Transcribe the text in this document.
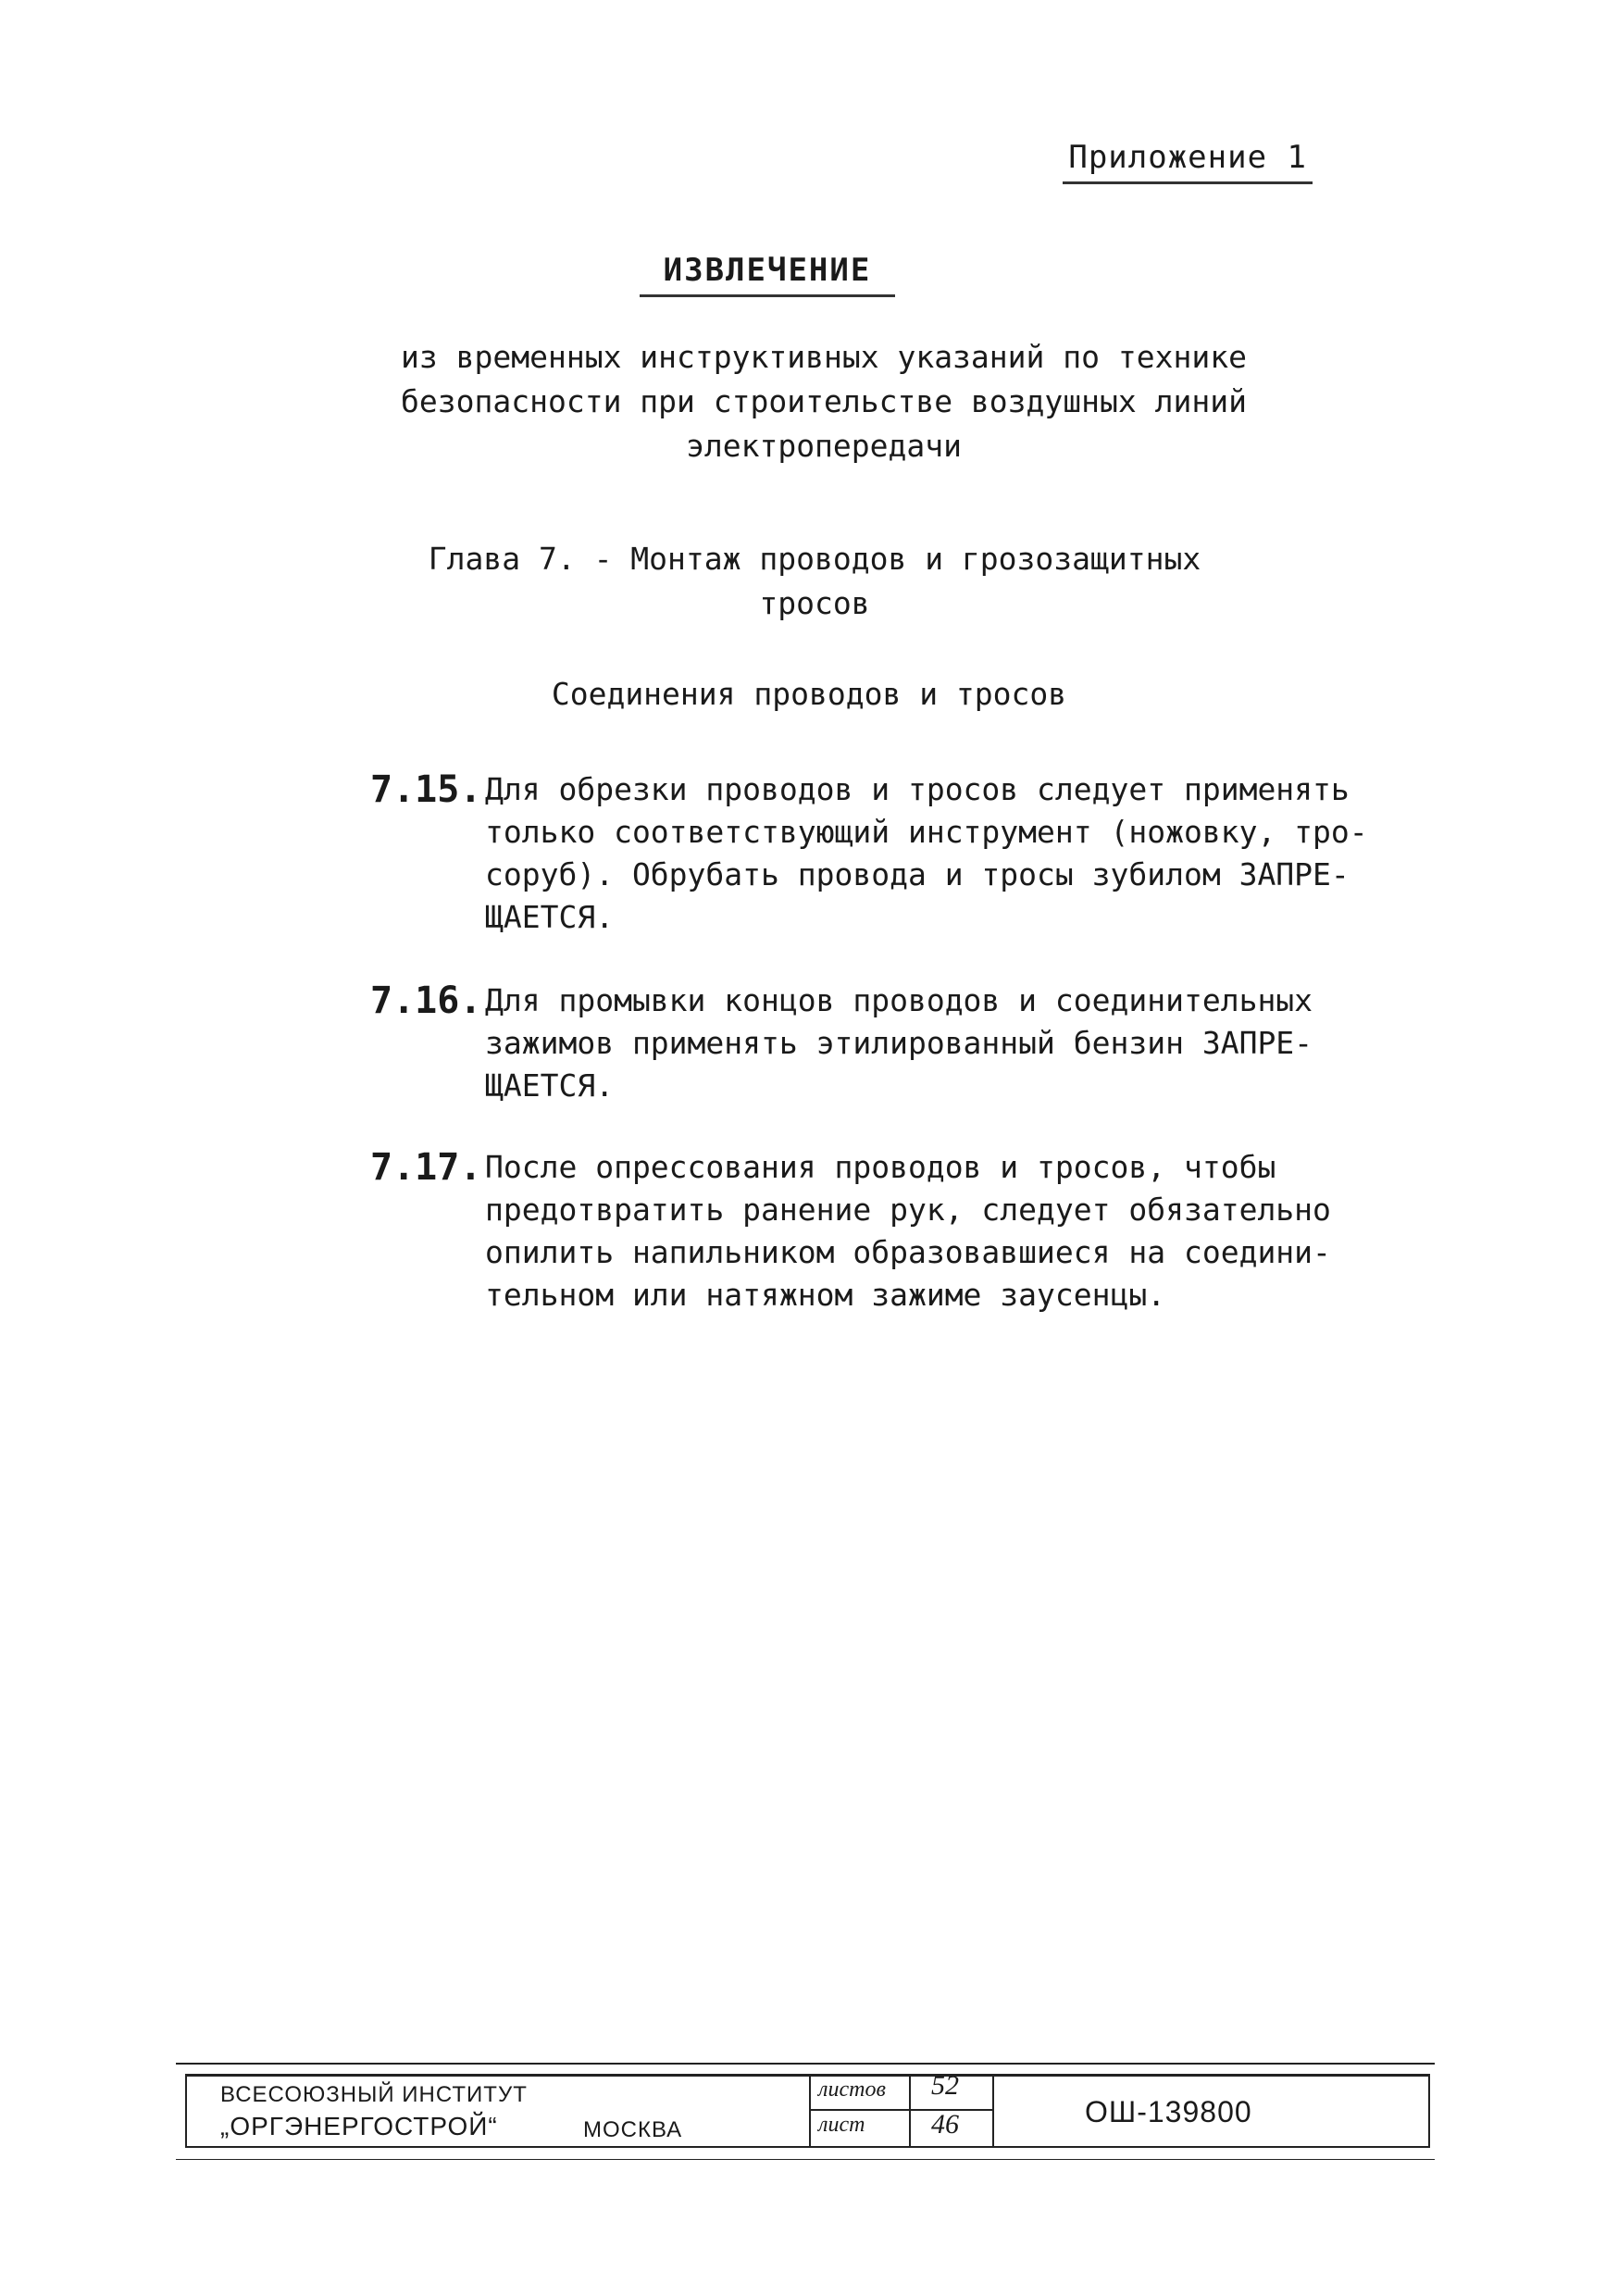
Приложение 1
ИЗВЛЕЧЕНИЕ
из временных инструктивных указаний по технике
безопасности при строительстве воздушных линий
электропередачи
Глава 7. - Монтаж проводов и грозозащитных
тросов
Соединения проводов и тросов
7.15. Для обрезки проводов и тросов следует применять
только соответствующий инструмент (ножовку, тро-
соруб). Обрубать провода и тросы зубилом ЗАПРЕ-
ЩАЕТСЯ.
7.16. Для промывки концов проводов и соединительных
зажимов применять этилированный бензин ЗАПРЕ-
ЩАЕТСЯ.
7.17. После опрессования проводов и тросов, чтобы
предотвратить ранение рук, следует обязательно
опилить напильником образовавшиеся на соедини-
тельном или натяжном зажиме заусенцы.
ВСЕСОЮЗНЫЙ ИНСТИТУТ
„ОРГЭНЕРГОСТРОЙ“	МОСКВА
листов 52
лист 46	ОШ-139800
